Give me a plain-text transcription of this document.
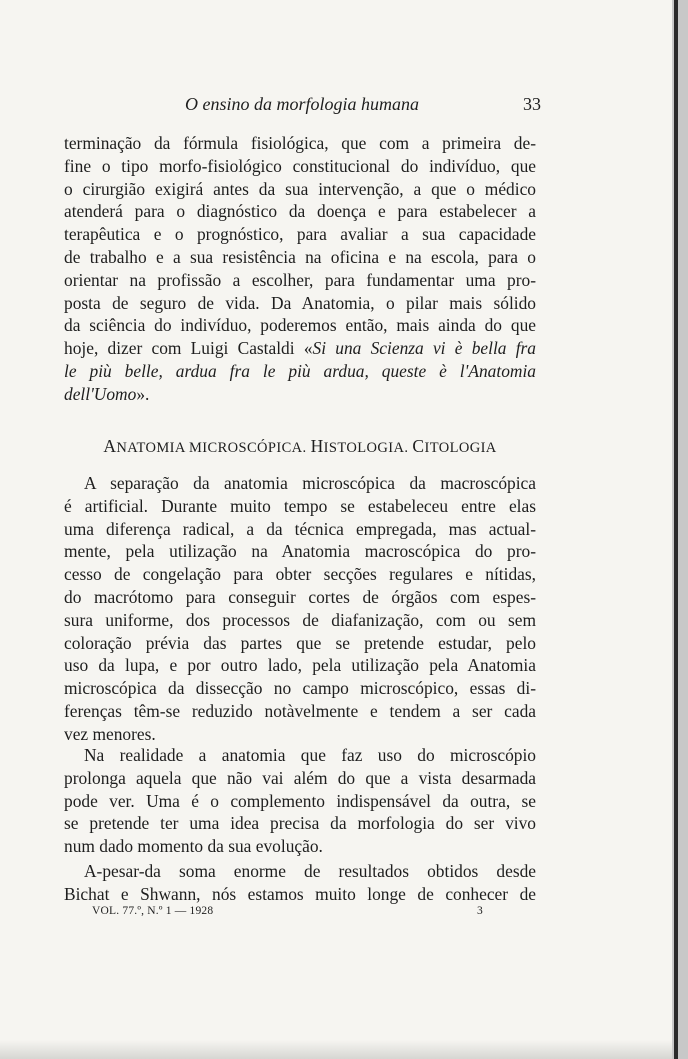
O ensino da morfologia humana	33
terminação da fórmula fisiológica, que com a primeira de-
fine o tipo morfo-fisiológico constitucional do indivíduo, que
o cirurgião exigirá antes da sua intervenção, a que o médico
atenderá para o diagnóstico da doença e para estabelecer a
terapêutica e o prognóstico, para avaliar a sua capacidade
de trabalho e a sua resistência na oficina e na escola, para o
orientar na profissão a escolher, para fundamentar uma pro-
posta de seguro de vida. Da Anatomia, o pilar mais sólido
da sciência do indivíduo, poderemos então, mais ainda do que
hoje, dizer com Luigi Castaldi «Si una Scienza vi è bella fra
le più belle, ardua fra le più ardua, queste è l'Anatomia
dell'Uomo».
ANATOMIA MICROSCÓPICA. HISTOLOGIA. CITOLOGIA
A separação da anatomia microscópica da macroscópica
é artificial. Durante muito tempo se estabeleceu entre elas
uma diferença radical, a da técnica empregada, mas actual-
mente, pela utilização na Anatomia macroscópica do pro-
cesso de congelação para obter secções regulares e nítidas,
do macrótomo para conseguir cortes de órgãos com espes-
sura uniforme, dos processos de diafanização, com ou sem
coloração prévia das partes que se pretende estudar, pelo
uso da lupa, e por outro lado, pela utilização pela Anatomia
microscópica da dissecção no campo microscópico, essas di-
ferenças têm-se reduzido notàvelmente e tendem a ser cada
vez menores.
Na realidade a anatomia que faz uso do microscópio
prolonga aquela que não vai além do que a vista desarmada
pode ver. Uma é o complemento indispensável da outra, se
se pretende ter uma idea precisa da morfologia do ser vivo
num dado momento da sua evolução.
A-pesar-da soma enorme de resultados obtidos desde
Bichat e Shwann, nós estamos muito longe de conhecer de
VOL. 77.º, N.º 1 — 1928	3
